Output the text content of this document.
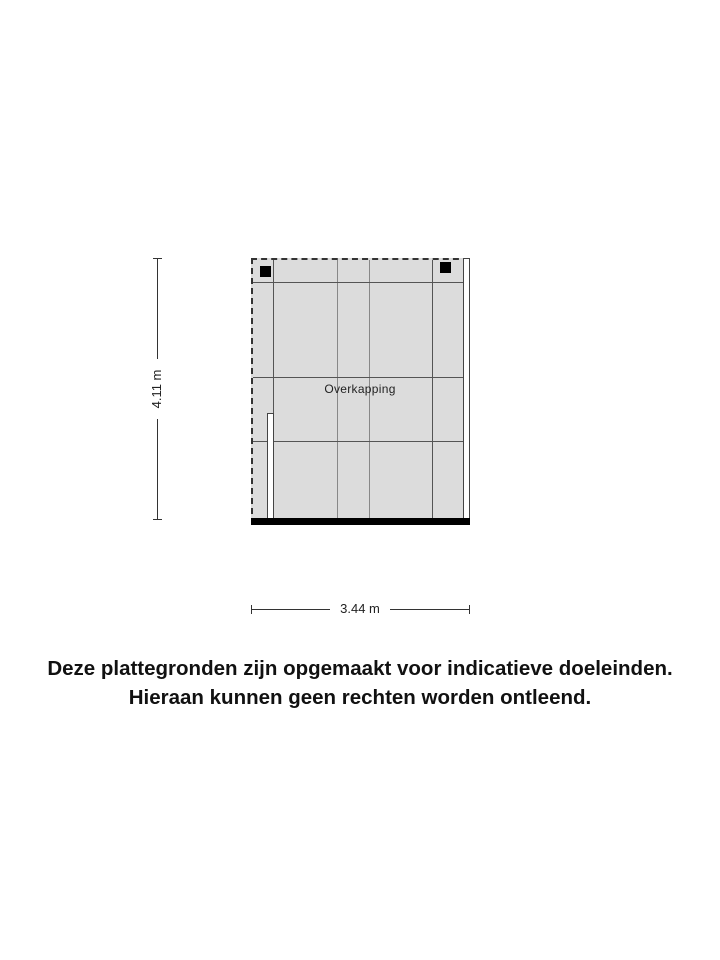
Overkapping
4.11 m
3.44 m
Deze plattegronden zijn opgemaakt voor indicatieve doeleinden.
Hieraan kunnen geen rechten worden ontleend.
